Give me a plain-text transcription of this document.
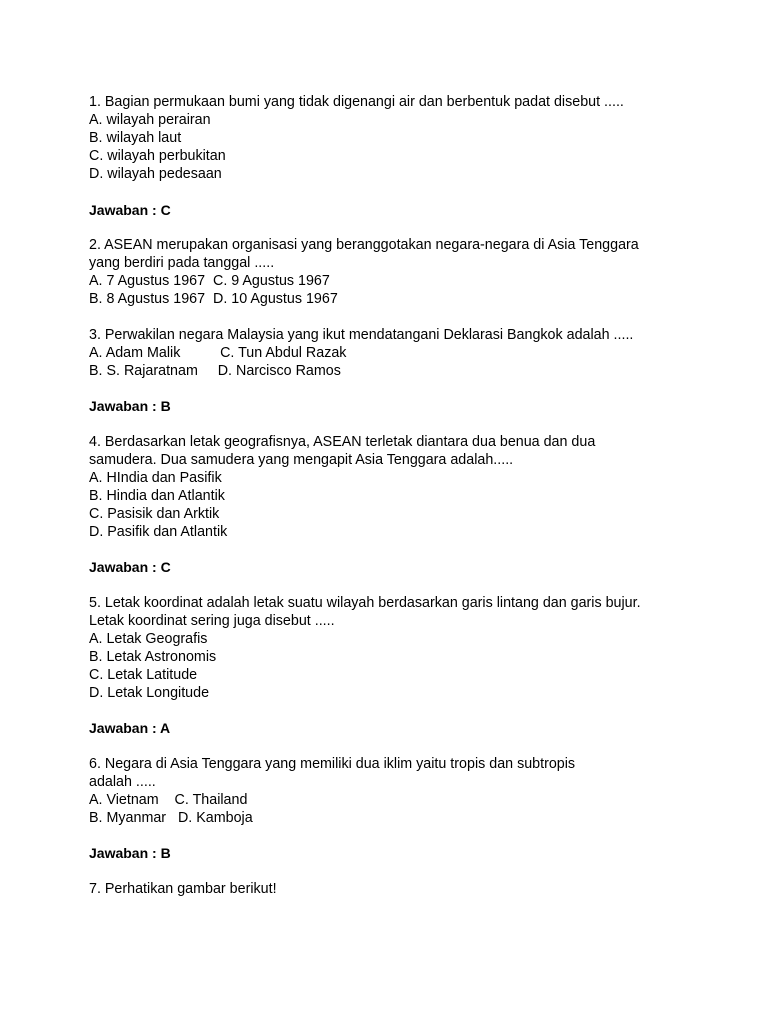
1. Bagian permukaan bumi yang tidak digenangi air dan berbentuk padat disebut .....
A. wilayah perairan
B. wilayah laut
C. wilayah perbukitan
D. wilayah pedesaan
Jawaban : C
2. ASEAN merupakan organisasi yang beranggotakan negara-negara di Asia Tenggara
yang berdiri pada tanggal .....
A. 7 Agustus 1967  C. 9 Agustus 1967
B. 8 Agustus 1967  D. 10 Agustus 1967
3. Perwakilan negara Malaysia yang ikut mendatangani Deklarasi Bangkok adalah .....
A. Adam Malik          C. Tun Abdul Razak
B. S. Rajaratnam     D. Narcisco Ramos
Jawaban : B
4. Berdasarkan letak geografisnya, ASEAN terletak diantara dua benua dan dua
samudera. Dua samudera yang mengapit Asia Tenggara adalah.....
A. HIndia dan Pasifik
B. Hindia dan Atlantik
C. Pasisik dan Arktik
D. Pasifik dan Atlantik
Jawaban : C
5. Letak koordinat adalah letak suatu wilayah berdasarkan garis lintang dan garis bujur.
Letak koordinat sering juga disebut .....
A. Letak Geografis
B. Letak Astronomis
C. Letak Latitude
D. Letak Longitude
Jawaban : A
6. Negara di Asia Tenggara yang memiliki dua iklim yaitu tropis dan subtropis
adalah .....
A. Vietnam    C. Thailand
B. Myanmar   D. Kamboja
Jawaban : B
7. Perhatikan gambar berikut!
